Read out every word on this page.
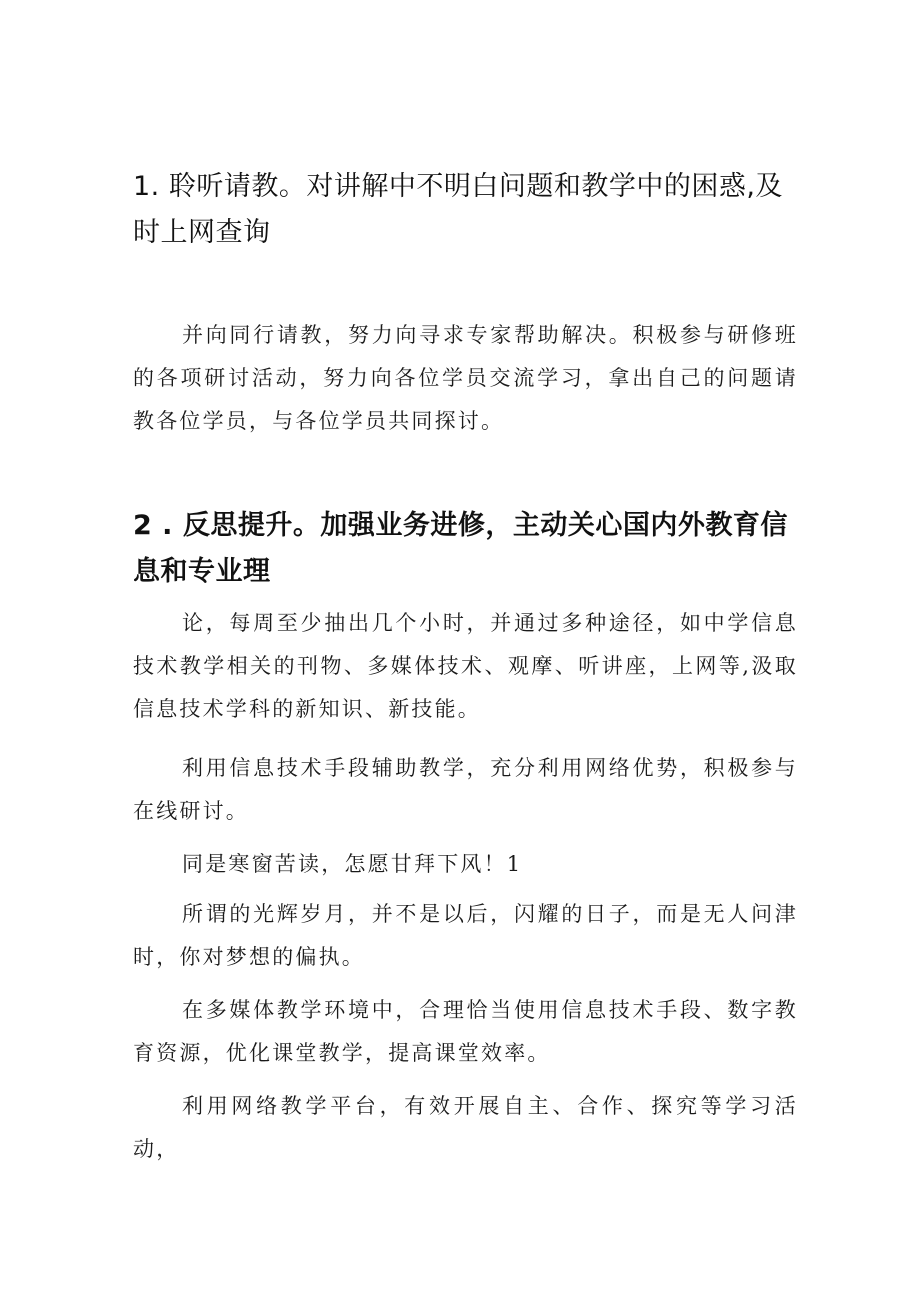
1. 聆听请教。对讲解中不明白问题和教学中的困惑,及时上网查询

并向同行请教，努力向寻求专家帮助解决。积极参与研修班的各项研讨活动，努力向各位学员交流学习，拿出自己的问题请教各位学员，与各位学员共同探讨。

2 . 反思提升。加强业务进修，主动关心国内外教育信息和专业理

论，每周至少抽出几个小时，并通过多种途径，如中学信息技术教学相关的刊物、多媒体技术、观摩、听讲座，上网等,汲取信息技术学科的新知识、新技能。

利用信息技术手段辅助教学，充分利用网络优势，积极参与在线研讨。

同是寒窗苦读，怎愿甘拜下风！1

所谓的光辉岁月，并不是以后，闪耀的日子，而是无人问津时，你对梦想的偏执。

在多媒体教学环境中，合理恰当使用信息技术手段、数字教育资源，优化课堂教学，提高课堂效率。

利用网络教学平台，有效开展自主、合作、探究等学习活动，
